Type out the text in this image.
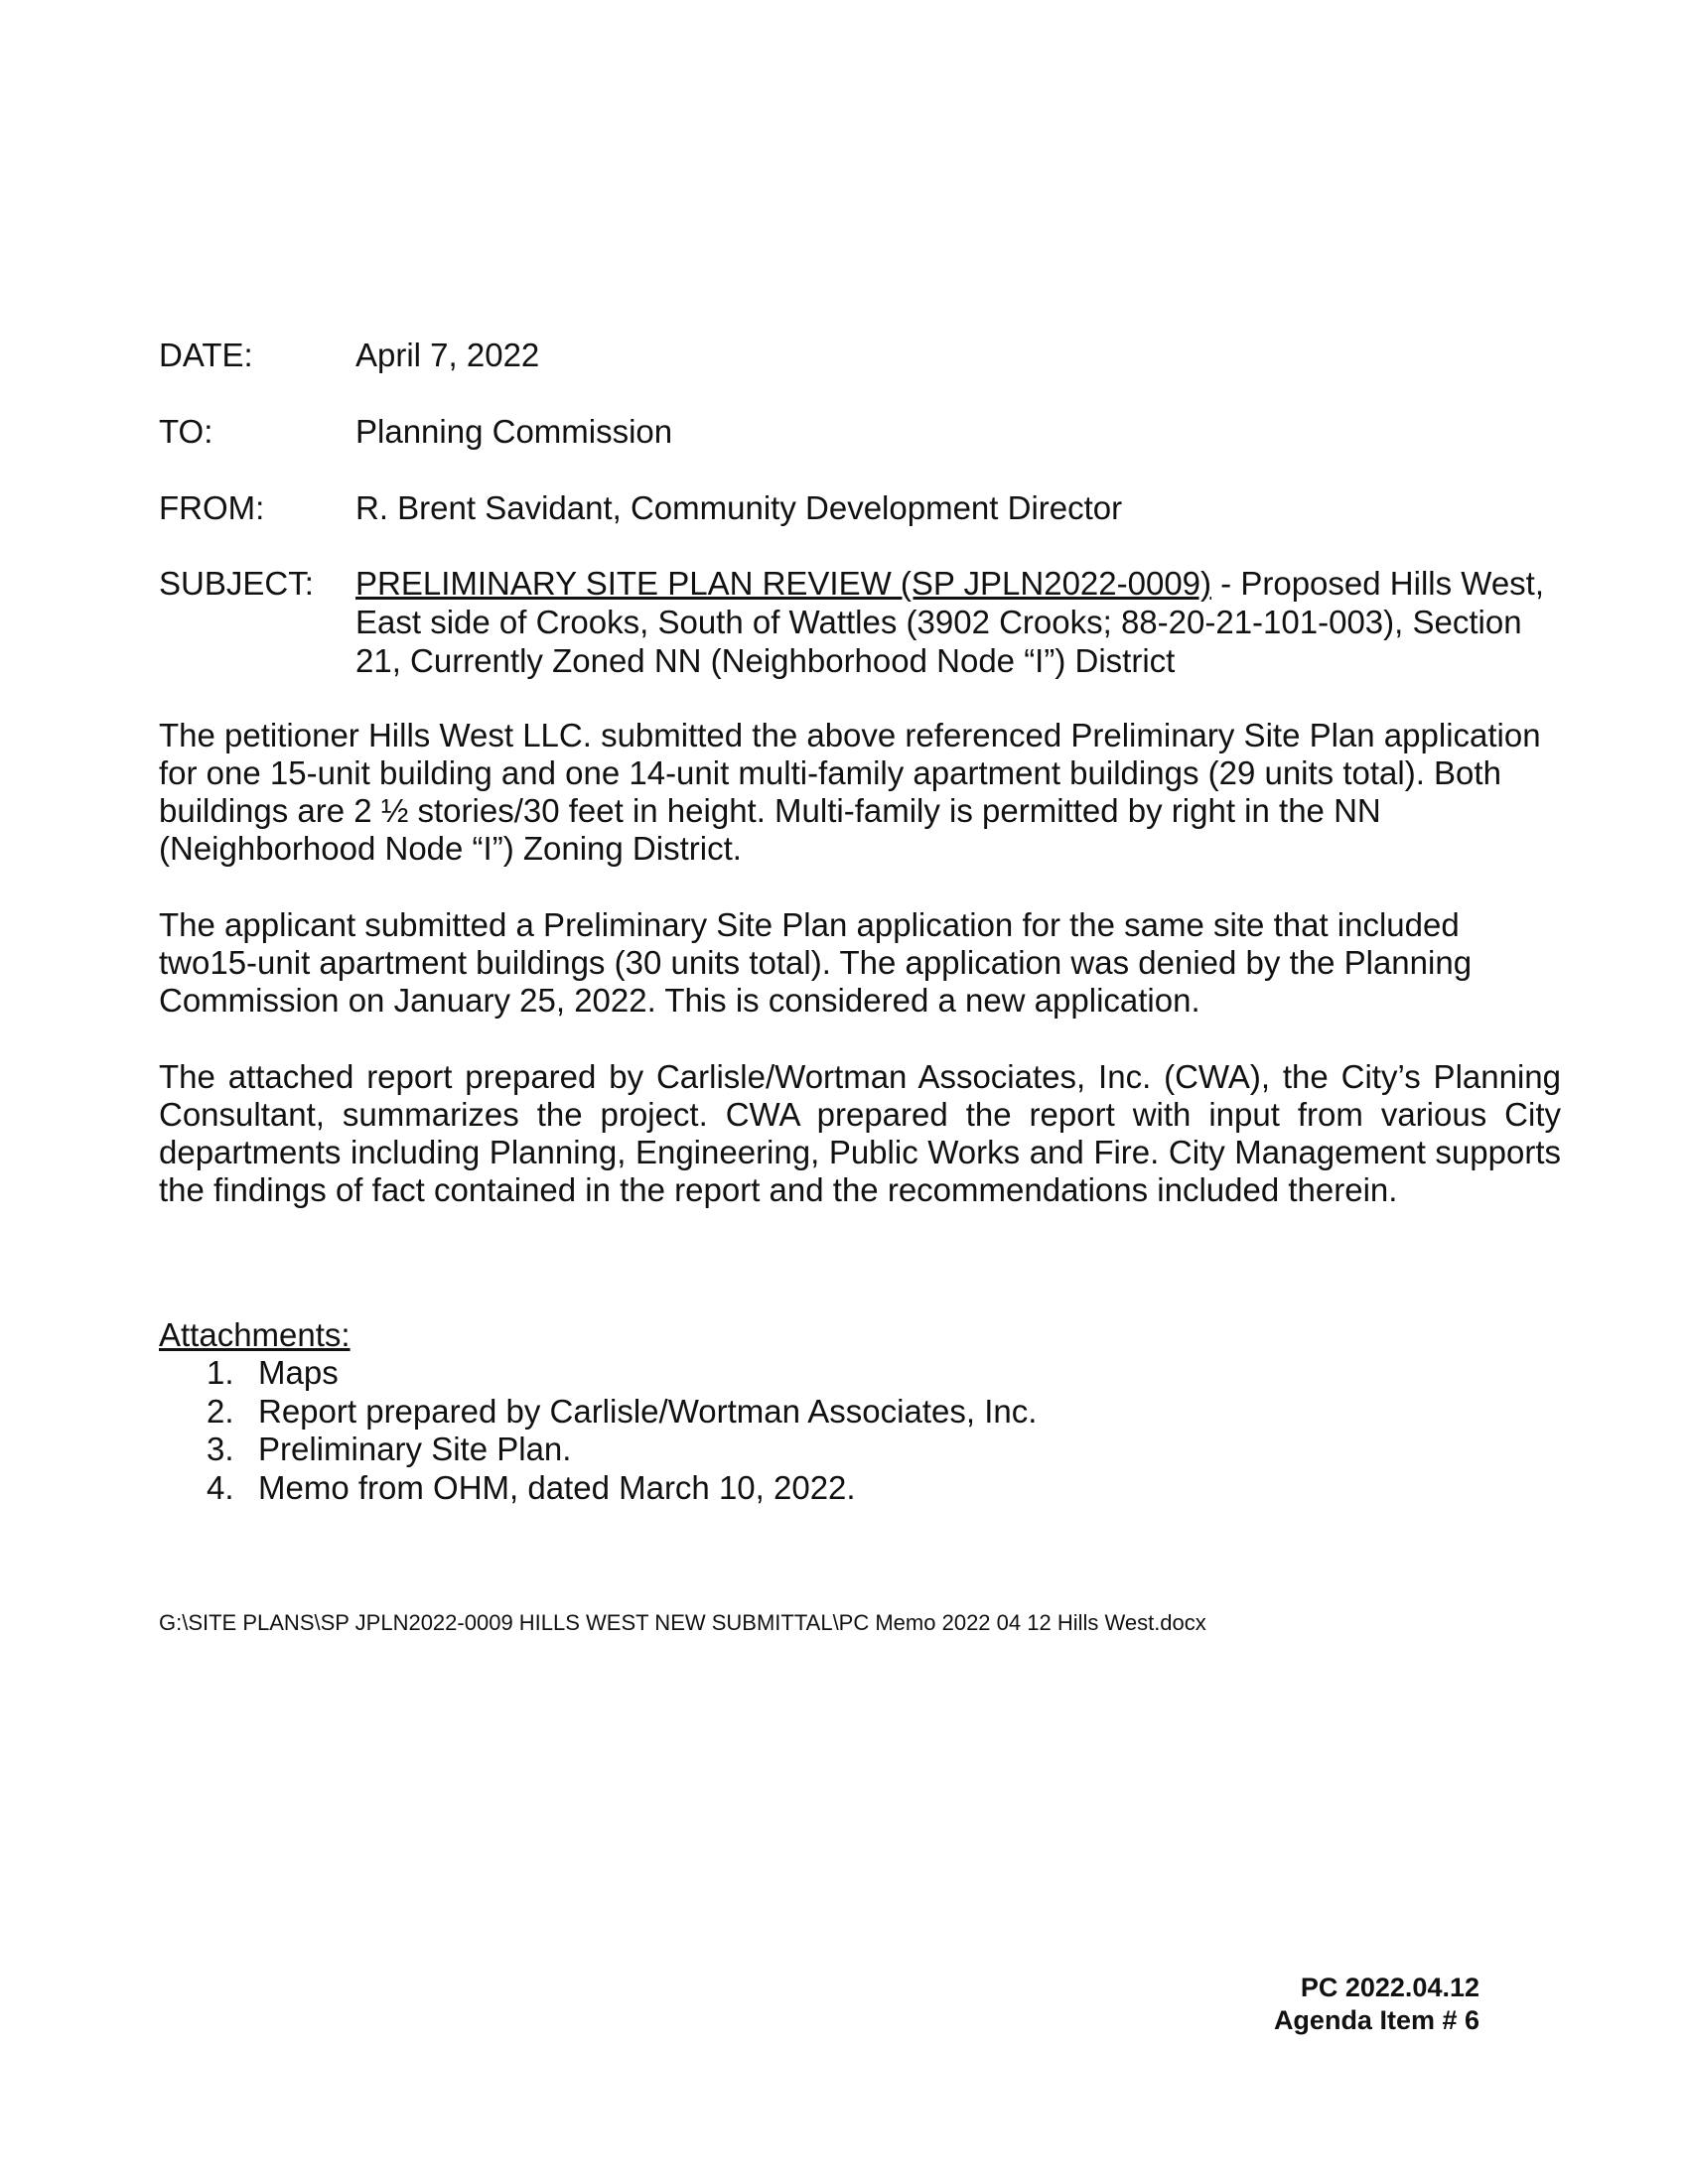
DATE:	April 7, 2022
TO:	Planning Commission
FROM:	R. Brent Savidant, Community Development Director
SUBJECT:	PRELIMINARY SITE PLAN REVIEW (SP JPLN2022-0009) - Proposed Hills West,
East side of Crooks, South of Wattles (3902 Crooks; 88-20-21-101-003), Section
21, Currently Zoned NN (Neighborhood Node “I”) District
The petitioner Hills West LLC. submitted the above referenced Preliminary Site Plan application
for one 15-unit building and one 14-unit multi-family apartment buildings (29 units total). Both
buildings are 2 ½ stories/30 feet in height. Multi-family is permitted by right in the NN
(Neighborhood Node “I”) Zoning District.
The applicant submitted a Preliminary Site Plan application for the same site that included
two15-unit apartment buildings (30 units total). The application was denied by the Planning
Commission on January 25, 2022. This is considered a new application.
The attached report prepared by Carlisle/Wortman Associates, Inc. (CWA), the City’s Planning
Consultant, summarizes the project. CWA prepared the report with input from various City
departments including Planning, Engineering, Public Works and Fire. City Management supports
the findings of fact contained in the report and the recommendations included therein.
Attachments:
1. Maps
2. Report prepared by Carlisle/Wortman Associates, Inc.
3. Preliminary Site Plan.
4. Memo from OHM, dated March 10, 2022.
G:\SITE PLANS\SP JPLN2022-0009 HILLS WEST NEW SUBMITTAL\PC Memo 2022 04 12 Hills West.docx
PC 2022.04.12
Agenda Item # 6
